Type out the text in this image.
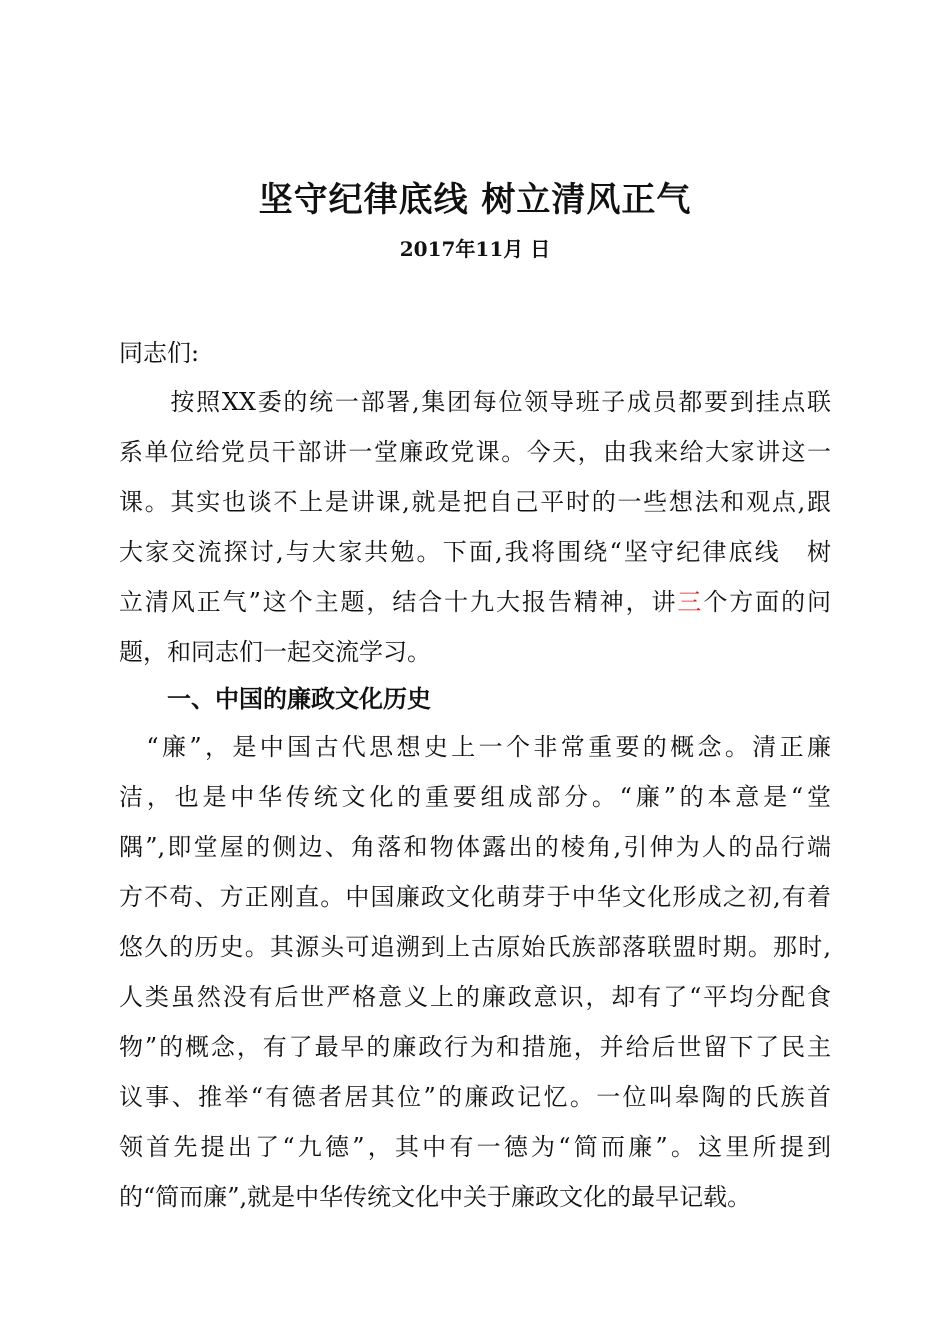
坚守纪律底线 树立清风正气
2017年11月 日
同志们:
　　按照XX委的统一部署,集团每位领导班子成员都要到挂点联
系单位给党员干部讲一堂廉政党课。今天，由我来给大家讲这一
课。其实也谈不上是讲课,就是把自己平时的一些想法和观点,跟
大家交流探讨,与大家共勉。下面,我将围绕“坚守纪律底线　树
立清风正气”这个主题，结合十九大报告精神，讲三个方面的问
题，和同志们一起交流学习。
一、中国的廉政文化历史
　“廉”，是中国古代思想史上一个非常重要的概念。清正廉
洁，也是中华传统文化的重要组成部分。“廉”的本意是“堂
隅”,即堂屋的侧边、角落和物体露出的棱角,引伸为人的品行端
方不苟、方正刚直。中国廉政文化萌芽于中华文化形成之初,有着
悠久的历史。其源头可追溯到上古原始氏族部落联盟时期。那时,
人类虽然没有后世严格意义上的廉政意识，却有了“平均分配食
物”的概念，有了最早的廉政行为和措施，并给后世留下了民主
议事、推举“有德者居其位”的廉政记忆。一位叫皋陶的氏族首
领首先提出了“九德”，其中有一德为“简而廉”。这里所提到
的“简而廉”,就是中华传统文化中关于廉政文化的最早记载。
